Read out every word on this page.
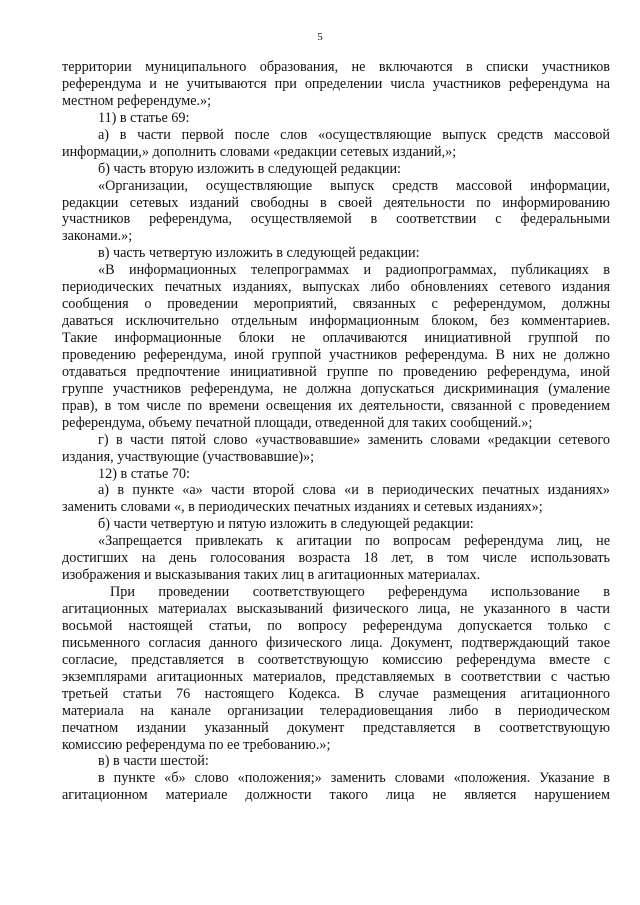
5
территории муниципального образования, не включаются в списки участников
референдума и не учитываются при определении числа участников референдума на
местном референдуме.»;
11) в статье 69:
а) в части первой после слов «осуществляющие выпуск средств массовой
информации,» дополнить словами «редакции сетевых изданий,»;
б) часть вторую изложить в следующей редакции:
«Организации, осуществляющие выпуск средств массовой информации,
редакции сетевых изданий свободны в своей деятельности по информированию
участников референдума, осуществляемой в соответствии с федеральными
законами.»;
в) часть четвертую изложить в следующей редакции:
«В информационных телепрограммах и радиопрограммах, публикациях в
периодических печатных изданиях, выпусках либо обновлениях сетевого издания
сообщения о проведении мероприятий, связанных с референдумом, должны
даваться исключительно отдельным информационным блоком, без комментариев.
Такие информационные блоки не оплачиваются инициативной группой по
проведению референдума, иной группой участников референдума. В них не должно
отдаваться предпочтение инициативной группе по проведению референдума, иной
группе участников референдума, не должна допускаться дискриминация (умаление
прав), в том числе по времени освещения их деятельности, связанной с проведением
референдума, объему печатной площади, отведенной для таких сообщений.»;
г) в части пятой слово «участвовавшие» заменить словами «редакции сетевого
издания, участвующие (участвовавшие)»;
12) в статье 70:
а) в пункте «а» части второй слова «и в периодических печатных изданиях»
заменить словами «, в периодических печатных изданиях и сетевых изданиях»;
б) части четвертую и пятую изложить в следующей редакции:
«Запрещается привлекать к агитации по вопросам референдума лиц, не
достигших на день голосования возраста 18 лет, в том числе использовать
изображения и высказывания таких лиц в агитационных материалах.
При проведении соответствующего референдума использование в
агитационных материалах высказываний физического лица, не указанного в части
восьмой настоящей статьи, по вопросу референдума допускается только с
письменного согласия данного физического лица. Документ, подтверждающий такое
согласие, представляется в соответствующую комиссию референдума вместе с
экземплярами агитационных материалов, представляемых в соответствии с частью
третьей статьи 76 настоящего Кодекса. В случае размещения агитационного
материала на канале организации телерадиовещания либо в периодическом
печатном издании указанный документ представляется в соответствующую
комиссию референдума по ее требованию.»;
в) в части шестой:
в пункте «б» слово «положения;» заменить словами «положения. Указание в
агитационном материале должности такого лица не является нарушением
